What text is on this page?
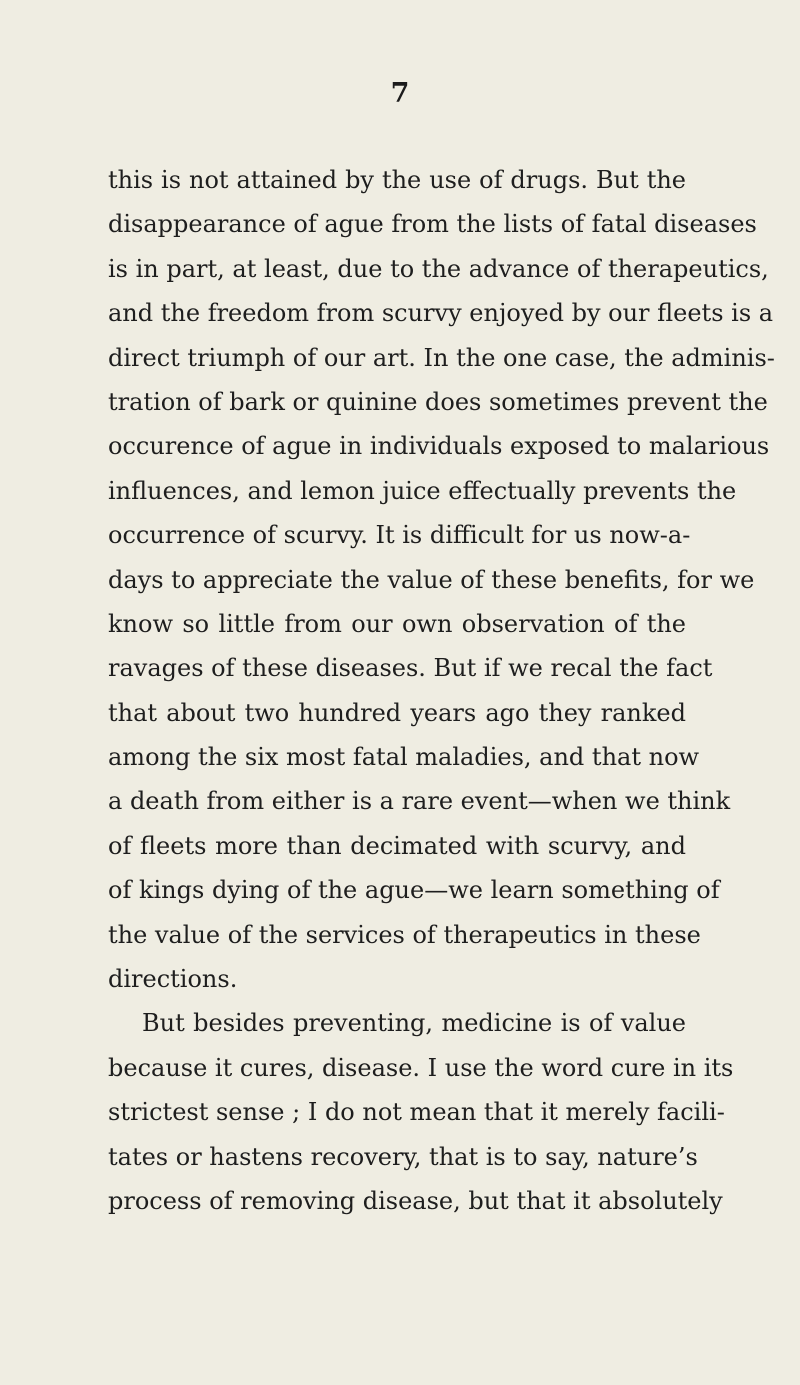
7
this is not attained by the use of drugs. But the
disappearance of ague from the lists of fatal diseases
is in part, at least, due to the advance of therapeutics,
and the freedom from scurvy enjoyed by our fleets is a
direct triumph of our art. In the one case, the adminis-
tration of bark or quinine does sometimes prevent the
occurence of ague in individuals exposed to malarious
influences, and lemon juice effectually prevents the
occurrence of scurvy. It is difficult for us now-a-
days to appreciate the value of these benefits, for we
know so little from our own observation of the
ravages of these diseases. But if we recal the fact
that about two hundred years ago they ranked
among the six most fatal maladies, and that now
a death from either is a rare event—when we think
of fleets more than decimated with scurvy, and
of kings dying of the ague—we learn something of
the value of the services of therapeutics in these
directions.
But besides preventing, medicine is of value
because it cures, disease. I use the word cure in its
strictest sense ; I do not mean that it merely facili-
tates or hastens recovery, that is to say, nature’s
process of removing disease, but that it absolutely
